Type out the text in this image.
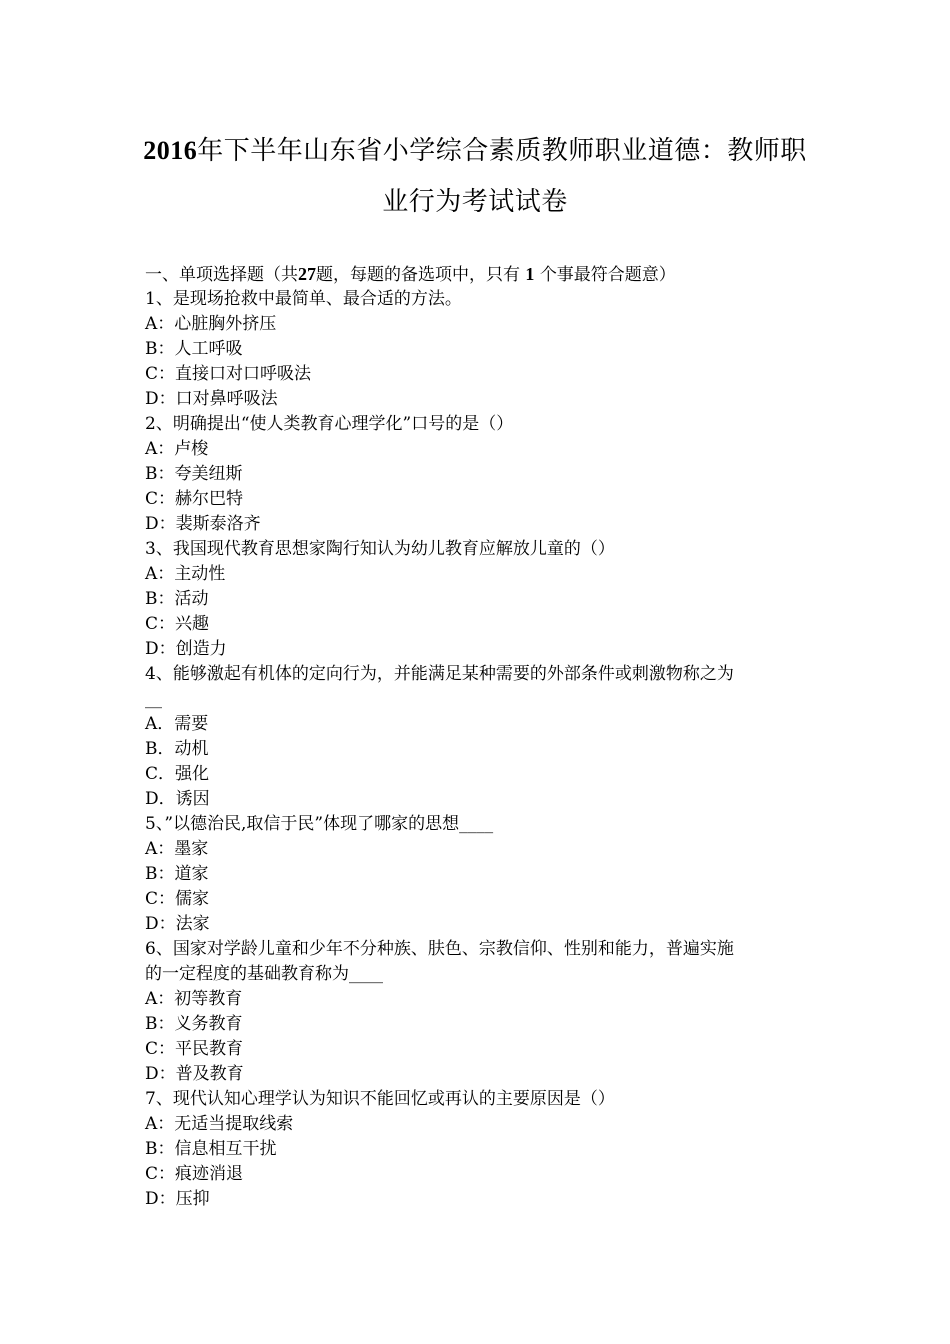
2016年下半年山东省小学综合素质教师职业道德：教师职
业行为考试试卷
一、单项选择题（共27题，每题的备选项中，只有 1 个事最符合题意）
1、是现场抢救中最简单、最合适的方法。
A：心脏胸外挤压
B：人工呼吸
C：直接口对口呼吸法
D：口对鼻呼吸法
2、明确提出“使人类教育心理学化”口号的是（）
A：卢梭
B：夸美纽斯
C：赫尔巴特
D：裴斯泰洛齐
3、我国现代教育思想家陶行知认为幼儿教育应解放儿童的（）
A：主动性
B：活动
C：兴趣
D：创造力
4、能够激起有机体的定向行为，并能满足某种需要的外部条件或刺激物称之为
__
A．需要
B．动机
C．强化
D．诱因
5、”以德治民,取信于民”体现了哪家的思想____
A：墨家
B：道家
C：儒家
D：法家
6、国家对学龄儿童和少年不分种族、肤色、宗教信仰、性别和能力，普遍实施
的一定程度的基础教育称为____
A：初等教育
B：义务教育
C：平民教育
D：普及教育
7、现代认知心理学认为知识不能回忆或再认的主要原因是（）
A：无适当提取线索
B：信息相互干扰
C：痕迹消退
D：压抑
